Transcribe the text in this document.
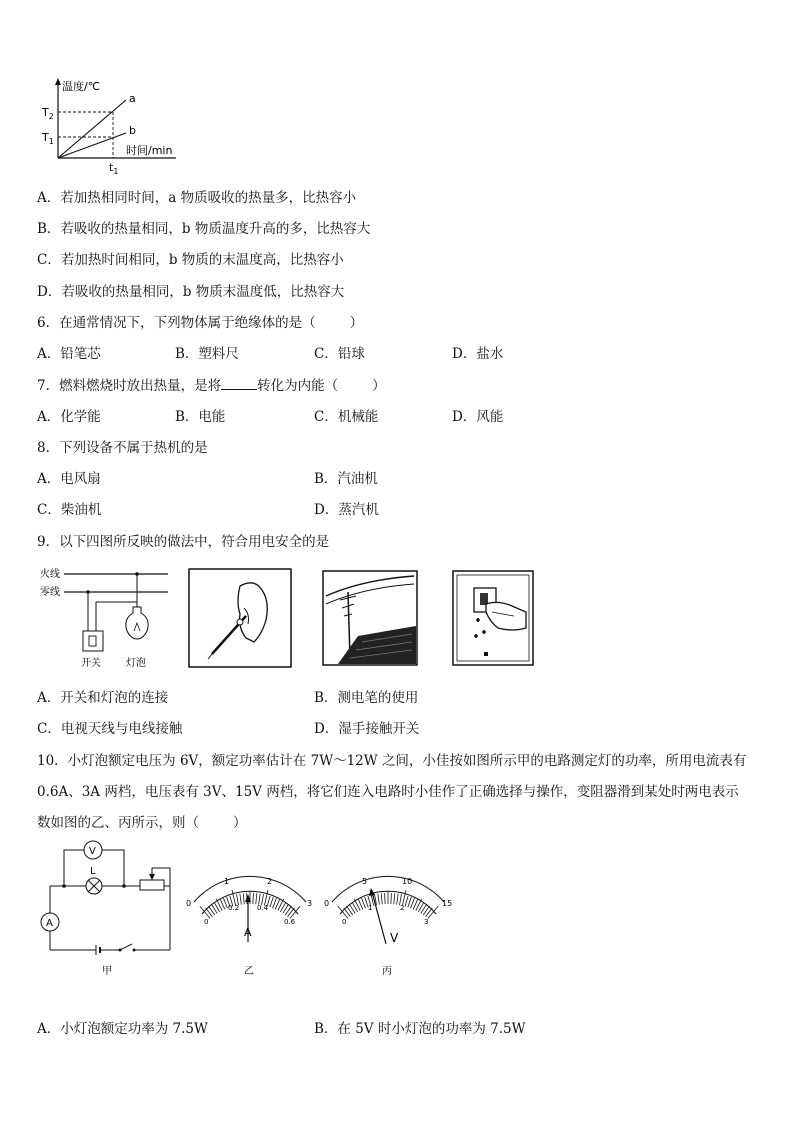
温度/℃
时间/min
$T_2$
$T_1$
$t_1$
a
b
A．若加热相同时间，a 物质吸收的热量多，比热容小
B．若吸收的热量相同，b 物质温度升高的多，比热容大
C．若加热时间相同，b 物质的末温度高，比热容小
D．若吸收的热量相同，b 物质末温度低，比热容大
6．在通常情况下，下列物体属于绝缘体的是（	）
A．铅笔芯	B．塑料尺	C．铅球	D．盐水
7．燃料燃烧时放出热量，是将	转化为内能（	）
A．化学能	B．电能	C．机械能	D．风能
8．下列设备不属于热机的是
A．电风扇	B．汽油机
C．柴油机	D．蒸汽机
9．以下四图所反映的做法中，符合用电安全的是
火线
零线
开关	灯泡
A．开关和灯泡的连接	B．测电笔的使用
C．电视天线与电线接触	D．湿手接触开关
10．小灯泡额定电压为 6V，额定功率估计在 7W～12W 之间，小佳按如图所示甲的电路测定灯的功率，所用电流表有
0.6A、3A 两档，电压表有 3V、15V 两档，将它们连入电路时小佳作了正确选择与操作，变阻器滑到某处时两电表示
数如图的乙、丙所示，则（	）
V
L
A
甲
0
1	2
3
0
0.2	0.4
0.6
A
乙
0
5	10
15
0
1	2
3
V
丙
A．小灯泡额定功率为 7.5W	B．在 5V 时小灯泡的功率为 7.5W
